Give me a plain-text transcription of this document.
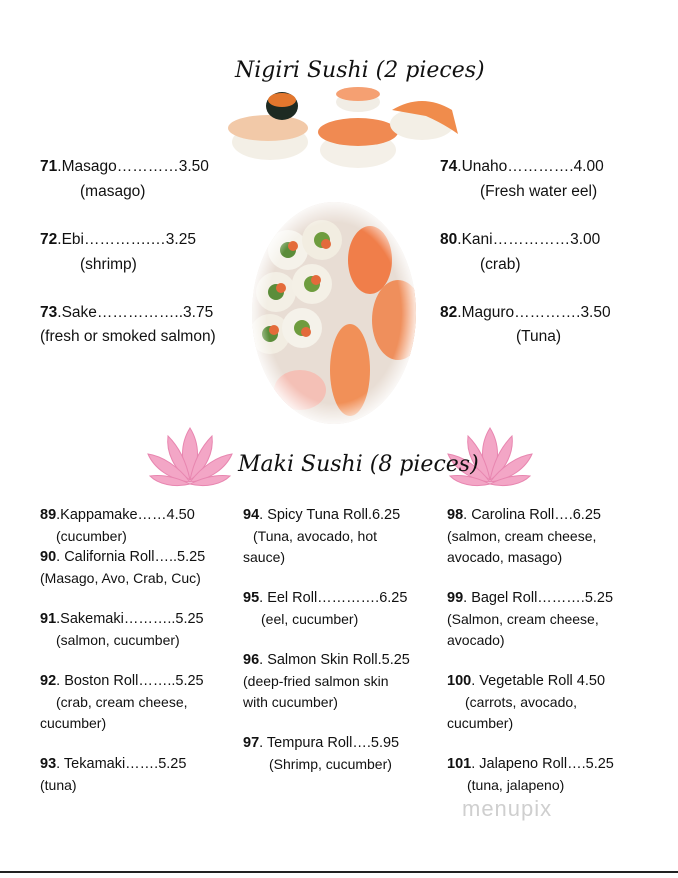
Nigiri Sushi (2 pieces)
71.Masago…………3.50
(masago)
72.Ebi………….…3.25
(shrimp)
73.Sake……………..3.75
(fresh or smoked salmon)
74.Unaho………….4.00
(Fresh water eel)
80.Kani……………3.00
(crab)
82.Maguro………….3.50
(Tuna)
Maki Sushi (8 pieces)
89.Kappamake……4.50
(cucumber)
90. California Roll…..5.25
(Masago, Avo, Crab, Cuc)
91.Sakemaki………..5.25
(salmon, cucumber)
92. Boston Roll……..5.25
(crab, cream cheese, cucumber)
93. Tekamaki…….5.25
(tuna)
94. Spicy Tuna Roll.6.25
(Tuna, avocado, hot sauce)
95. Eel Roll………….6.25
(eel, cucumber)
96. Salmon Skin Roll.5.25
(deep-fried salmon skin with cucumber)
97. Tempura Roll….5.95
(Shrimp, cucumber)
98. Carolina Roll….6.25
(salmon, cream cheese, avocado, masago)
99. Bagel Roll……….5.25
(Salmon, cream cheese, avocado)
100. Vegetable Roll 4.50
(carrots, avocado, cucumber)
101. Jalapeno Roll….5.25
(tuna, jalapeno)
menupix
